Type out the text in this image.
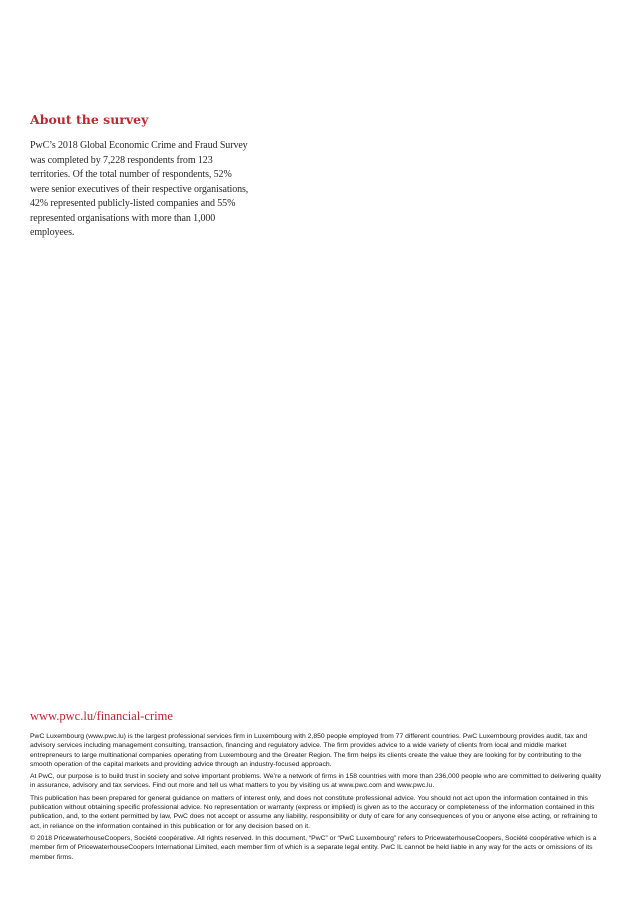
About the survey

PwC’s 2018 Global Economic Crime and Fraud Survey was completed by 7,228 respondents from 123 territories. Of the total number of respondents, 52% were senior executives of their respective organisations, 42% represented publicly-listed companies and 55% represented organisations with more than 1,000 employees.

www.pwc.lu/financial-crime

PwC Luxembourg (www.pwc.lu) is the largest professional services firm in Luxembourg with 2,850 people employed from 77 different countries. PwC Luxembourg provides audit, tax and advisory services including management consulting, transaction, financing and regulatory advice. The firm provides advice to a wide variety of clients from local and middle market entrepreneurs to large multinational companies operating from Luxembourg and the Greater Region. The firm helps its clients create the value they are looking for by contributing to the smooth operation of the capital markets and providing advice through an industry-focused approach.

At PwC, our purpose is to build trust in society and solve important problems. We’re a network of firms in 158 countries with more than 236,000 people who are committed to delivering quality in assurance, advisory and tax services. Find out more and tell us what matters to you by visiting us at www.pwc.com and www.pwc.lu.

This publication has been prepared for general guidance on matters of interest only, and does not constitute professional advice. You should not act upon the information contained in this publication without obtaining specific professional advice. No representation or warranty (express or implied) is given as to the accuracy or completeness of the information contained in this publication, and, to the extent permitted by law, PwC does not accept or assume any liability, responsibility or duty of care for any consequences of you or anyone else acting, or refraining to act, in reliance on the information contained in this publication or for any decision based on it.

© 2018 PricewaterhouseCoopers, Société coopérative. All rights reserved. In this document, “PwC” or “PwC Luxembourg” refers to PricewaterhouseCoopers, Société coopérative which is a member firm of PricewaterhouseCoopers International Limited, each member firm of which is a separate legal entity. PwC IL cannot be held liable in any way for the acts or omissions of its member firms.
